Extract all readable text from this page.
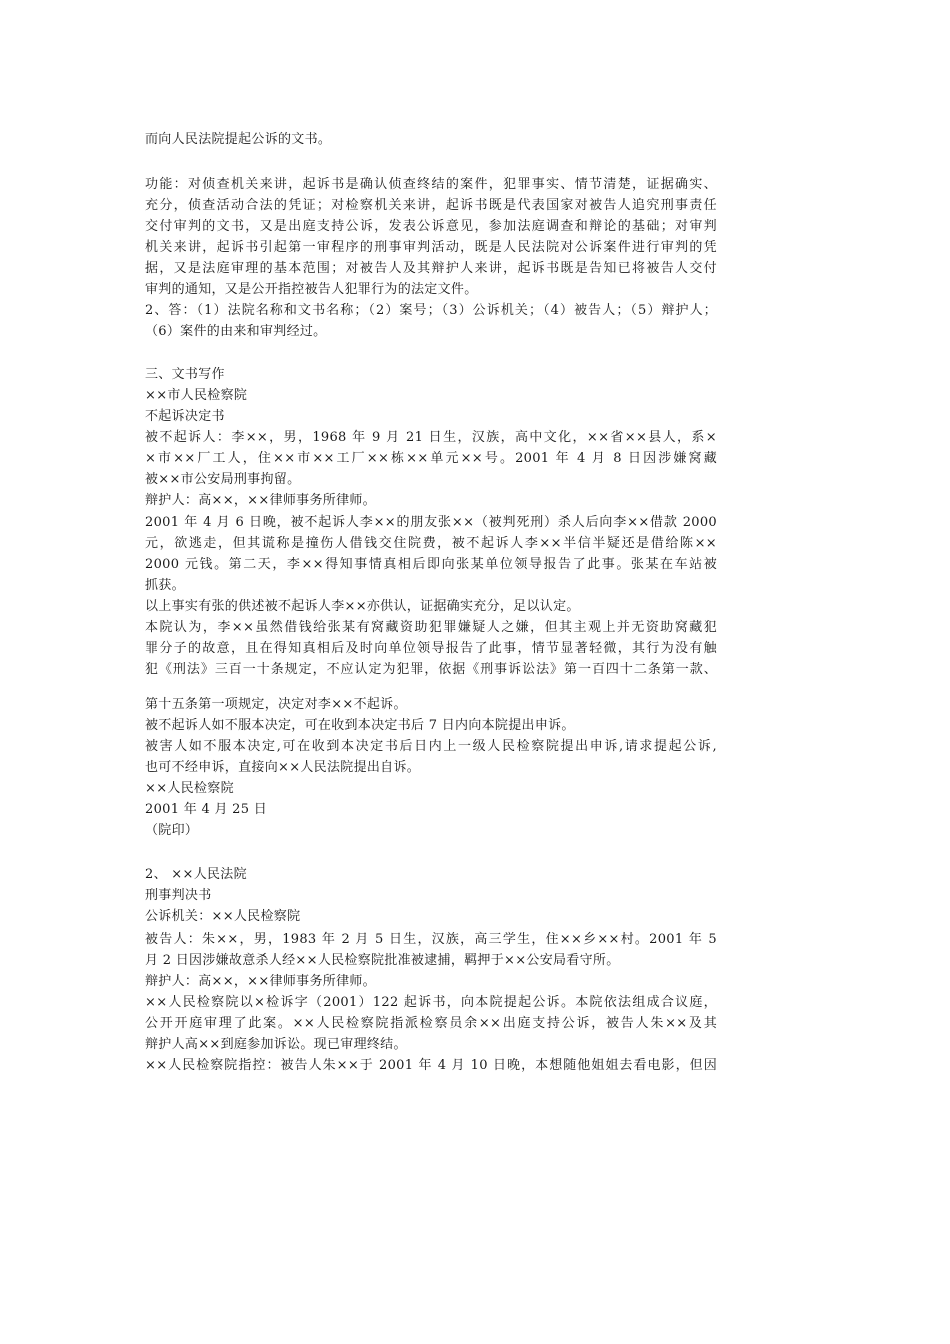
而向人民法院提起公诉的文书。
功能：对侦查机关来讲，起诉书是确认侦查终结的案件，犯罪事实、情节清楚，证据确实、
充分，侦查活动合法的凭证；对检察机关来讲，起诉书既是代表国家对被告人追究刑事责任
交付审判的文书，又是出庭支持公诉，发表公诉意见，参加法庭调查和辩论的基础；对审判
机关来讲，起诉书引起第一审程序的刑事审判活动，既是人民法院对公诉案件进行审判的凭
据，又是法庭审理的基本范围；对被告人及其辩护人来讲，起诉书既是告知已将被告人交付
审判的通知，又是公开指控被告人犯罪行为的法定文件。
2、答：（1）法院名称和文书名称；（2）案号；（3）公诉机关；（4）被告人；（5）辩护人；
（6）案件的由来和审判经过。
三、文书写作
××市人民检察院
不起诉决定书
被不起诉人：李××，男，1968 年 9 月 21 日生，汉族，高中文化，××省××县人，系×
×市××厂工人，住××市××工厂××栋××单元××号。2001 年 4 月 8 日因涉嫌窝藏
被××市公安局刑事拘留。
辩护人：高××，××律师事务所律师。
2001 年 4 月 6 日晚，被不起诉人李××的朋友张××（被判死刑）杀人后向李××借款 2000
元，欲逃走，但其谎称是撞伤人借钱交住院费，被不起诉人李××半信半疑还是借给陈××
2000 元钱。第二天，李××得知事情真相后即向张某单位领导报告了此事。张某在车站被
抓获。
以上事实有张的供述被不起诉人李××亦供认，证据确实充分，足以认定。
本院认为，李××虽然借钱给张某有窝藏资助犯罪嫌疑人之嫌，但其主观上并无资助窝藏犯
罪分子的故意，且在得知真相后及时向单位领导报告了此事，情节显著轻微，其行为没有触
犯《刑法》三百一十条规定，不应认定为犯罪，依据《刑事诉讼法》第一百四十二条第一款、
第十五条第一项规定，决定对李××不起诉。
被不起诉人如不服本决定，可在收到本决定书后 7 日内向本院提出申诉。
被害人如不服本决定,可在收到本决定书后日内上一级人民检察院提出申诉,请求提起公诉,
也可不经申诉，直接向××人民法院提出自诉。
××人民检察院
2001 年 4 月 25 日
（院印）
2、 ××人民法院
刑事判决书
公诉机关：××人民检察院
被告人：朱××，男，1983 年 2 月 5 日生，汉族，高三学生，住××乡××村。2001 年 5
月 2 日因涉嫌故意杀人经××人民检察院批准被逮捕，羁押于××公安局看守所。
辩护人：高××，××律师事务所律师。
××人民检察院以×检诉字（2001）122 起诉书，向本院提起公诉。本院依法组成合议庭，
公开开庭审理了此案。××人民检察院指派检察员余××出庭支持公诉，被告人朱××及其
辩护人高××到庭参加诉讼。现已审理终结。
××人民检察院指控：被告人朱××于 2001 年 4 月 10 日晚，本想随他姐姐去看电影，但因
